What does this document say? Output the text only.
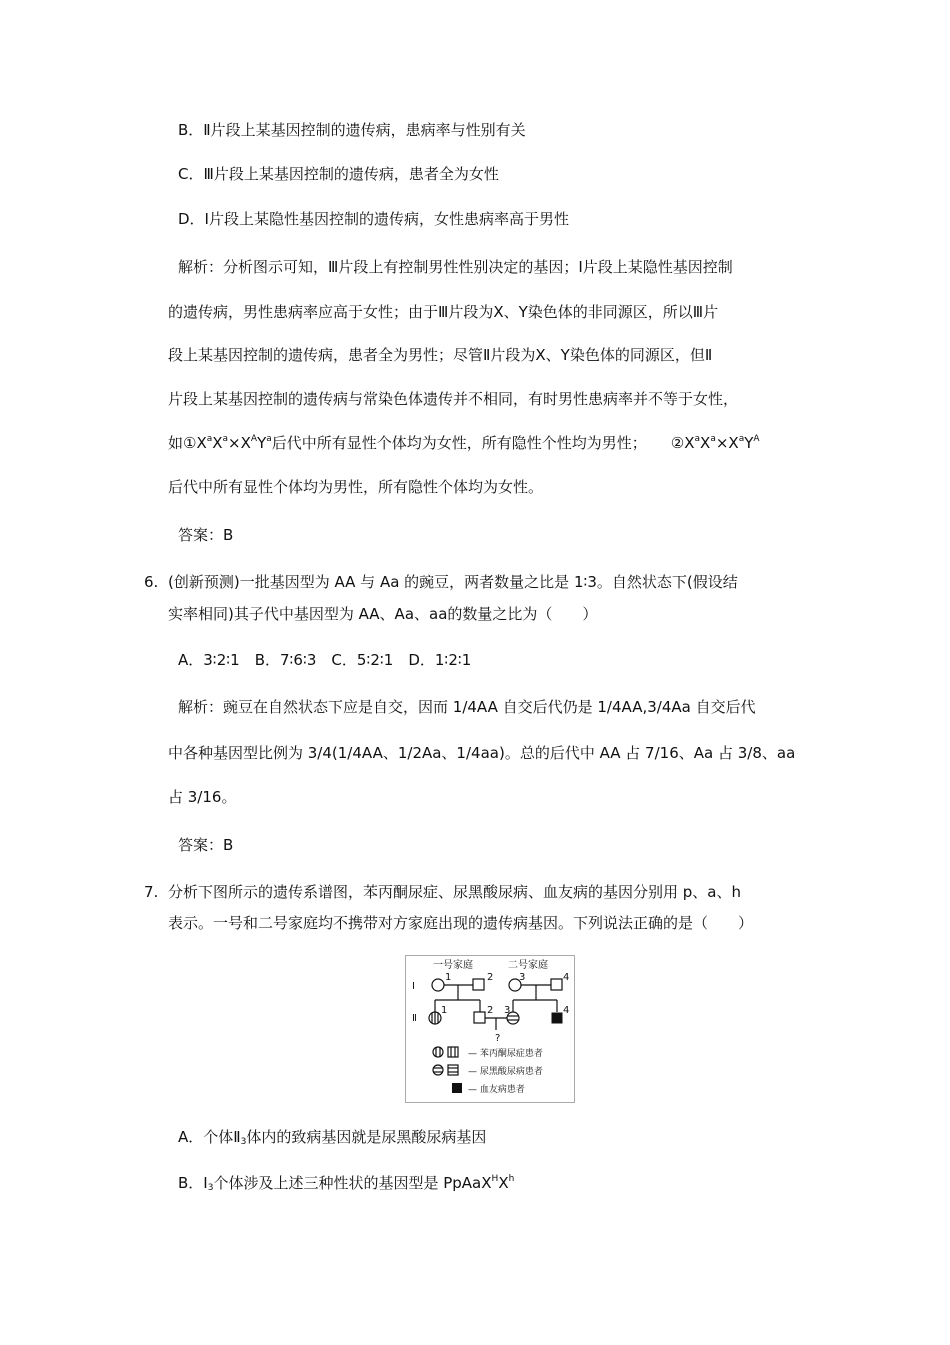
B．Ⅱ片段上某基因控制的遗传病，患病率与性别有关
C．Ⅲ片段上某基因控制的遗传病，患者全为女性
D．Ⅰ片段上某隐性基因控制的遗传病，女性患病率高于男性
解析：分析图示可知，Ⅲ片段上有控制男性性别决定的基因；Ⅰ片段上某隐性基因控制
的遗传病，男性患病率应高于女性；由于Ⅲ片段为X、Y染色体的非同源区，所以Ⅲ片
段上某基因控制的遗传病，患者全为男性；尽管Ⅱ片段为X、Y染色体的同源区，但Ⅱ
片段上某基因控制的遗传病与常染色体遗传并不相同，有时男性患病率并不等于女性，
如$①X^aX^a\times X^AY^a$后代中所有显性个体均为女性，所有隐性个性均为男性； $②X^aX^a\times X^aY^A$
后代中所有显性个体均为男性，所有隐性个体均为女性。
答案：B
6. (创新预测)一批基因型为 AA 与 Aa 的豌豆，两者数量之比是 1∶3。自然状态下(假设结
实率相同)其子代中基因型为 AA、Aa、aa的数量之比为（　　）
A．3∶2∶1　B．7∶6∶3　C．5∶2∶1　D．1∶2∶1
解析：豌豆在自然状态下应是自交，因而 1/4AA 自交后代仍是 1/4AA,3/4Aa 自交后代
中各种基因型比例为 3/4(1/4AA、1/2Aa、1/4aa)。总的后代中 AA 占 7/16、Aa 占 3/8、aa
占 3/16。
答案：B
7. 分析下图所示的遗传系谱图，苯丙酮尿症、尿黑酸尿病、血友病的基因分别用 p、a、h
表示。一号和二号家庭均不携带对方家庭出现的遗传病基因。下列说法正确的是（　　）
一号家庭	二号家庭
Ⅰ
Ⅱ
1	2	3	4
1	2 3	4
?
— 苯丙酮尿症患者
— 尿黑酸尿病患者
— 血友病患者
A．个体$Ⅱ_3$体内的致病基因就是尿黑酸尿病基因
B．$Ⅰ_3$个体涉及上述三种性状的基因型是 $PpAaX^HX^h$
